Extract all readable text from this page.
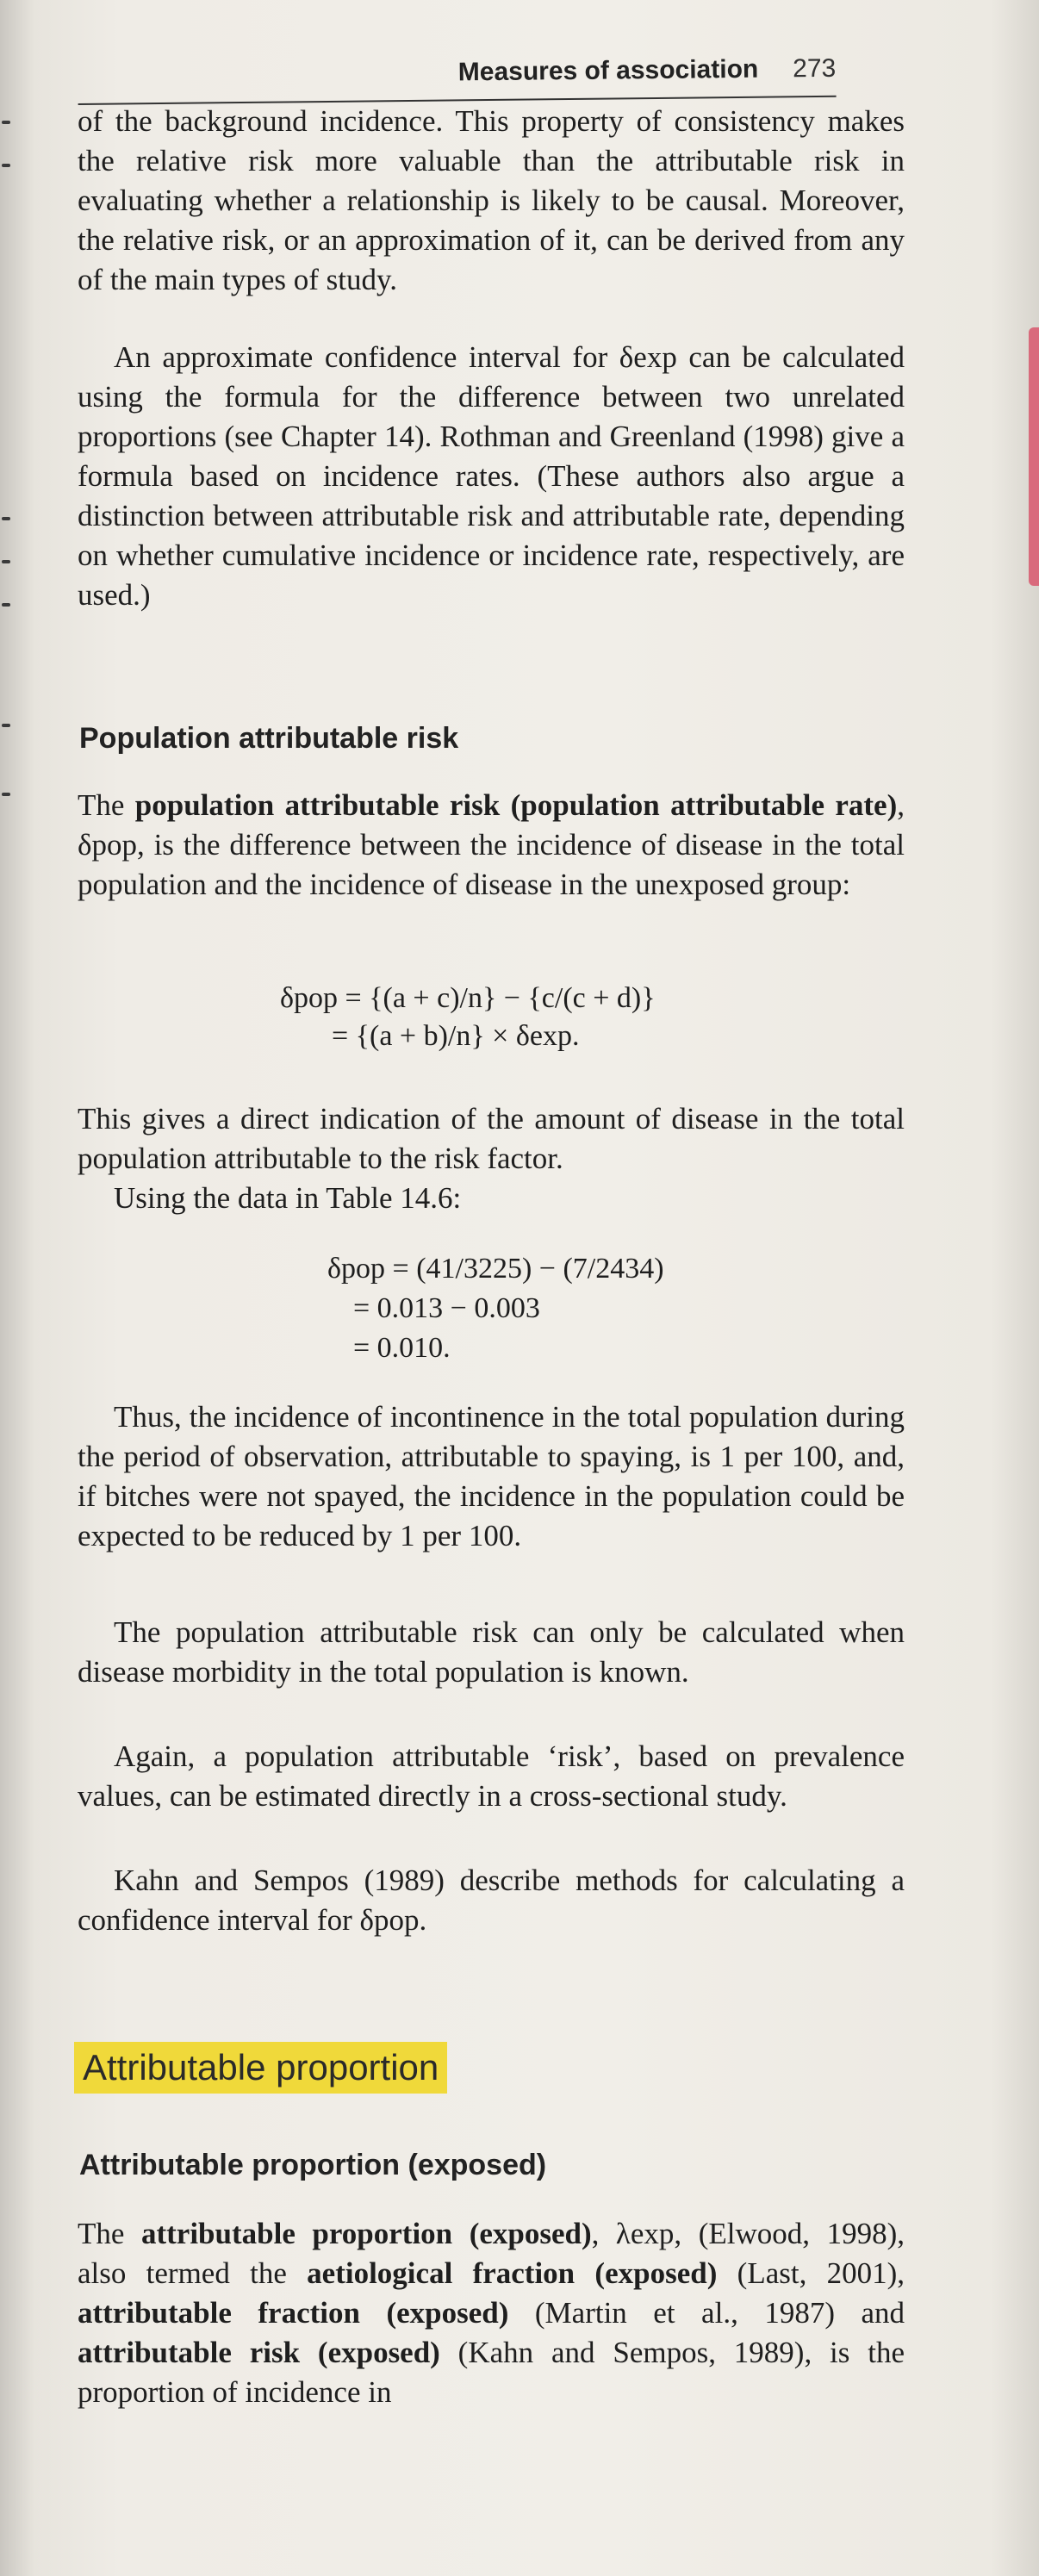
Measures of association 273
of the background incidence. This property of consistency makes the relative risk more valuable than the attributable risk in evaluating whether a relationship is likely to be causal. Moreover, the relative risk, or an approximation of it, can be derived from any of the main types of study.
An approximate confidence interval for δexp can be calculated using the formula for the difference between two unrelated proportions (see Chapter 14). Rothman and Greenland (1998) give a formula based on incidence rates. (These authors also argue a distinction between attributable risk and attributable rate, depending on whether cumulative incidence or incidence rate, respectively, are used.)
Population attributable risk
The population attributable risk (population attributable rate), δpop, is the difference between the incidence of disease in the total population and the incidence of disease in the unexposed group:
δpop = {(a + c)/n} − {c/(c + d)}
= {(a + b)/n} × δexp.
This gives a direct indication of the amount of disease in the total population attributable to the risk factor.
Using the data in Table 14.6:
δpop = (41/3225) − (7/2434)
= 0.013 − 0.003
= 0.010.
Thus, the incidence of incontinence in the total population during the period of observation, attributable to spaying, is 1 per 100, and, if bitches were not spayed, the incidence in the population could be expected to be reduced by 1 per 100.
The population attributable risk can only be calculated when disease morbidity in the total population is known.
Again, a population attributable ‘risk’, based on prevalence values, can be estimated directly in a cross-sectional study.
Kahn and Sempos (1989) describe methods for calculating a confidence interval for δpop.
Attributable proportion
Attributable proportion (exposed)
The attributable proportion (exposed), λexp, (Elwood, 1998), also termed the aetiological fraction (exposed) (Last, 2001), attributable fraction (exposed) (Martin et al., 1987) and attributable risk (exposed) (Kahn and Sempos, 1989), is the proportion of incidence in
